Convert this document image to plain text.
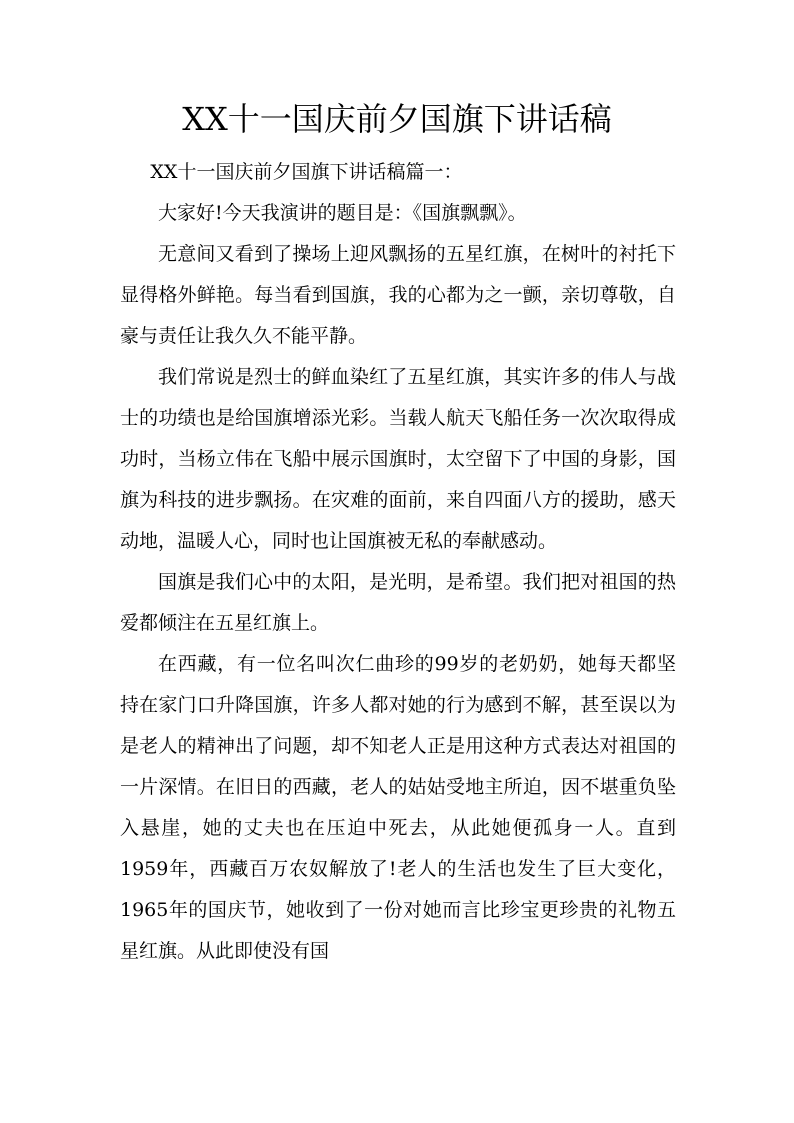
XX十一国庆前夕国旗下讲话稿

XX十一国庆前夕国旗下讲话稿篇一：

大家好!今天我演讲的题目是：《国旗飘飘》。

无意间又看到了操场上迎风飘扬的五星红旗，在树叶的衬托下显得格外鲜艳。每当看到国旗，我的心都为之一颤，亲切尊敬，自豪与责任让我久久不能平静。

我们常说是烈士的鲜血染红了五星红旗，其实许多的伟人与战士的功绩也是给国旗增添光彩。当载人航天飞船任务一次次取得成功时，当杨立伟在飞船中展示国旗时，太空留下了中国的身影，国旗为科技的进步飘扬。在灾难的面前，来自四面八方的援助，感天动地，温暖人心，同时也让国旗被无私的奉献感动。

国旗是我们心中的太阳，是光明，是希望。我们把对祖国的热爱都倾注在五星红旗上。

在西藏，有一位名叫次仁曲珍的99岁的老奶奶，她每天都坚持在家门口升降国旗，许多人都对她的行为感到不解，甚至误以为是老人的精神出了问题，却不知老人正是用这种方式表达对祖国的一片深情。在旧日的西藏，老人的姑姑受地主所迫，因不堪重负坠入悬崖，她的丈夫也在压迫中死去，从此她便孤身一人。直到 1959年，西藏百万农奴解放了!老人的生活也发生了巨大变化，1965年的国庆节，她收到了一份对她而言比珍宝更珍贵的礼物五星红旗。从此即使没有国
